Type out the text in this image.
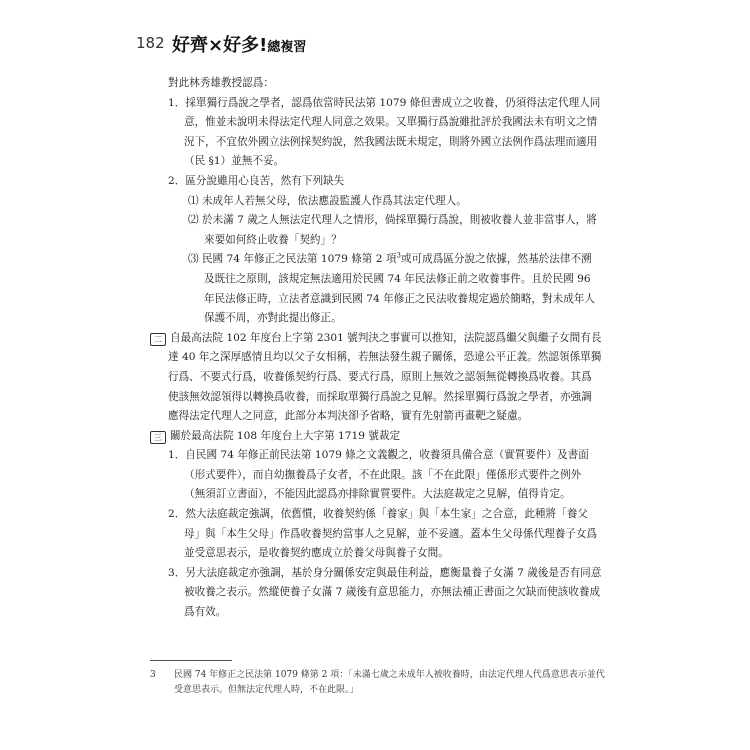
182 好齊×好多!總複習

對此林秀雄教授認爲：

1．採單獨行爲說之學者，認爲依當時民法第 1079 條但書成立之收養，仍須得法定代理人同意，惟並未說明未得法定代理人同意之效果。又單獨行爲說雖批評於我國法未有明文之情況下，不宜依外國立法例採契約說，然我國法既未規定，則將外國立法例作爲法理而適用（民 §1）並無不妥。

2．區分說雖用心良苦，然有下列缺失

⑴ 未成年人若無父母，依法應設監護人作爲其法定代理人。

⑵ 於未滿 7 歲之人無法定代理人之情形，倘採單獨行爲說，則被收養人並非當事人，將來要如何終止收養「契約」？

⑶ 民國 74 年修正之民法第 1079 條第 2 項$^3$或可成爲區分說之依據，然基於法律不溯及既往之原則，該規定無法適用於民國 74 年民法修正前之收養事件。且於民國 96 年民法修正時，立法者意識到民國 74 年修正之民法收養規定過於簡略，對未成年人保護不周，亦對此提出修正。

二 自最高法院 102 年度台上字第 2301 號判決之事實可以推知，法院認爲繼父與繼子女間有長達 40 年之深厚感情且均以父子女相稱，若無法發生親子關係，恐違公平正義。然認領係單獨行爲、不要式行爲，收養係契約行爲、要式行爲，原則上無效之認領無從轉換爲收養。其爲使該無效認領得以轉換爲收養，而採取單獨行爲說之見解。然採單獨行爲說之學者，亦強調應得法定代理人之同意，此部分本判決卻予省略，實有先射箭再畫靶之疑慮。

三 關於最高法院 108 年度台上大字第 1719 號裁定

1．自民國 74 年修正前民法第 1079 條之文義觀之，收養須具備合意（實質要件）及書面（形式要件），而自幼撫養爲子女者，不在此限。該「不在此限」僅係形式要件之例外（無須訂立書面），不能因此認爲亦排除實質要件。大法庭裁定之見解，值得肯定。

2．然大法庭裁定強調，依舊慣，收養契約係「養家」與「本生家」之合意，此種將「養父母」與「本生父母」作爲收養契約當事人之見解，並不妥適。蓋本生父母係代理養子女爲並受意思表示，是收養契約應成立於養父母與養子女間。

3．另大法庭裁定亦強調，基於身分關係安定與最佳利益，應衡量養子女滿 7 歲後是否有同意被收養之表示。然縱使養子女滿 7 歲後有意思能力，亦無法補正書面之欠缺而使該收養成爲有效。

3	民國 74 年修正之民法第 1079 條第 2 項：「未滿七歲之未成年人被收養時，由法定代理人代爲意思表示並代受意思表示。但無法定代理人時，不在此限。」
